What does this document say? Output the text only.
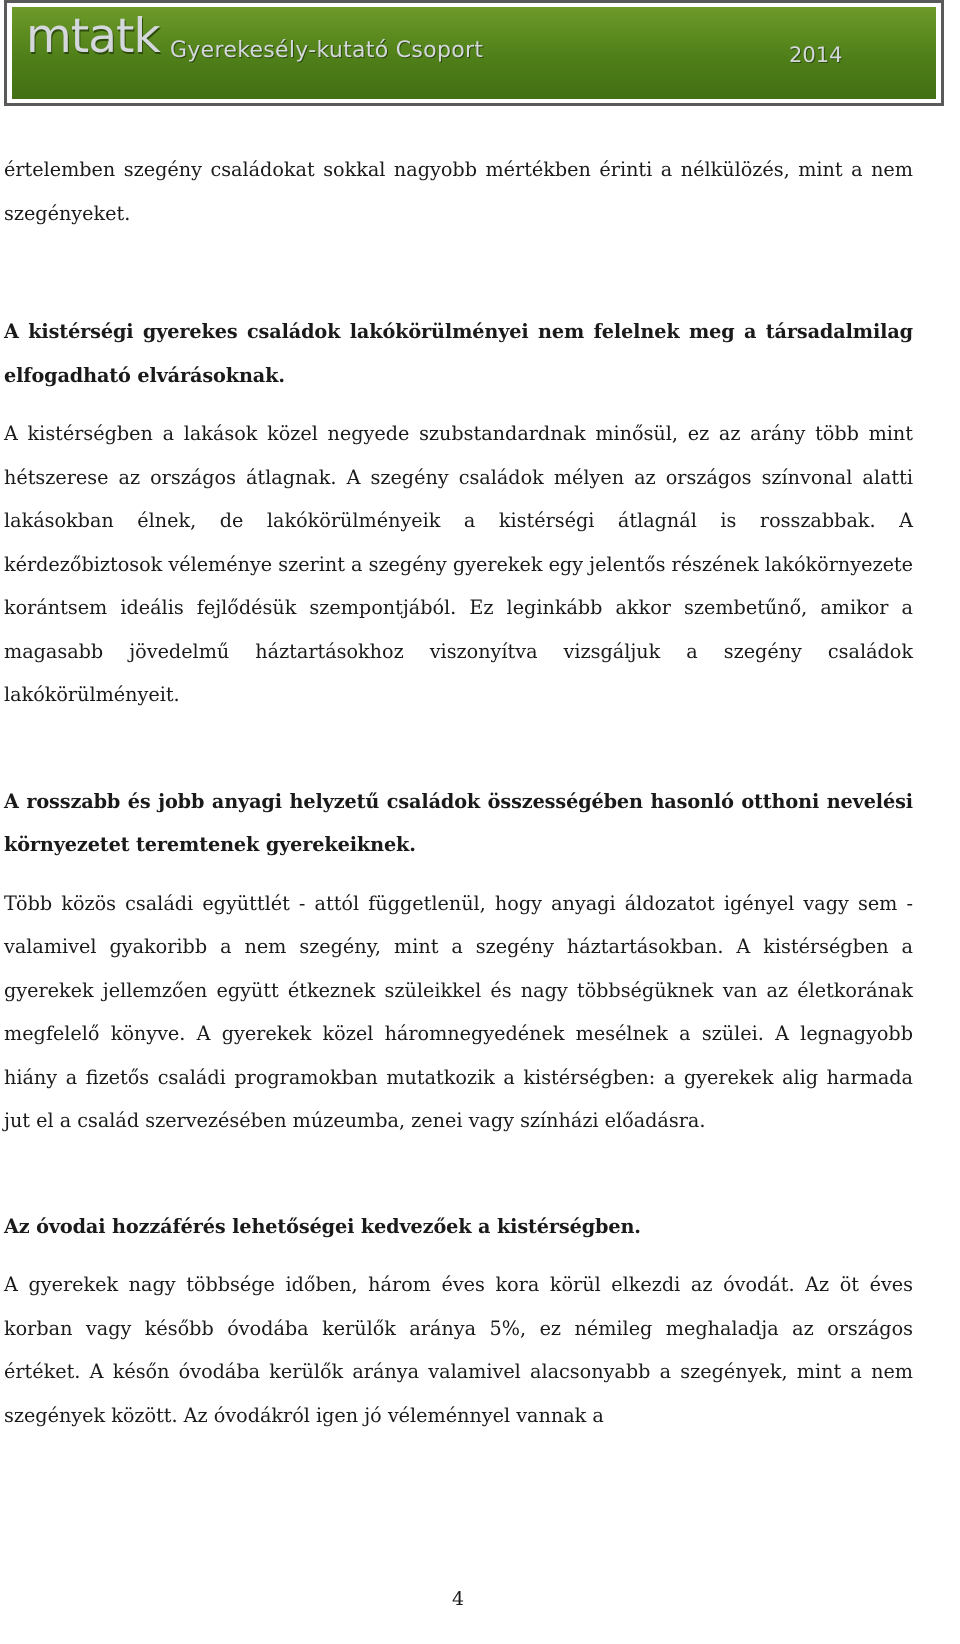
mtatk Gyerekesély-kutató Csoport	2014

értelemben szegény családokat sokkal nagyobb mértékben érinti a nélkülözés, mint a nem szegényeket.

A kistérségi gyerekes családok lakókörülményei nem felelnek meg a társadalmilag elfogadható elvárásoknak.

A kistérségben a lakások közel negyede szubstandardnak minősül, ez az arány több mint hétszerese az országos átlagnak. A szegény családok mélyen az országos színvonal alatti lakásokban élnek, de lakókörülményeik a kistérségi átlagnál is rosszabbak. A kérdezőbiztosok véleménye szerint a szegény gyerekek egy jelentős részének lakókörnyezete korántsem ideális fejlődésük szempontjából. Ez leginkább akkor szembetűnő, amikor a magasabb jövedelmű háztartásokhoz viszonyítva vizsgáljuk a szegény családok lakókörülményeit.

A rosszabb és jobb anyagi helyzetű családok összességében hasonló otthoni nevelési környezetet teremtenek gyerekeiknek.

Több közös családi együttlét - attól függetlenül, hogy anyagi áldozatot igényel vagy sem - valamivel gyakoribb a nem szegény, mint a szegény háztartásokban. A kistérségben a gyerekek jellemzően együtt étkeznek szüleikkel és nagy többségüknek van az életkorának megfelelő könyve. A gyerekek közel háromnegyedének mesélnek a szülei. A legnagyobb hiány a fizetős családi programokban mutatkozik a kistérségben: a gyerekek alig harmada jut el a család szervezésében múzeumba, zenei vagy színházi előadásra.

Az óvodai hozzáférés lehetőségei kedvezőek a kistérségben.

A gyerekek nagy többsége időben, három éves kora körül elkezdi az óvodát. Az öt éves korban vagy később óvodába kerülők aránya 5%, ez némileg meghaladja az országos értéket. A későn óvodába kerülők aránya valamivel alacsonyabb a szegények, mint a nem szegények között. Az óvodákról igen jó véleménnyel vannak a

4
